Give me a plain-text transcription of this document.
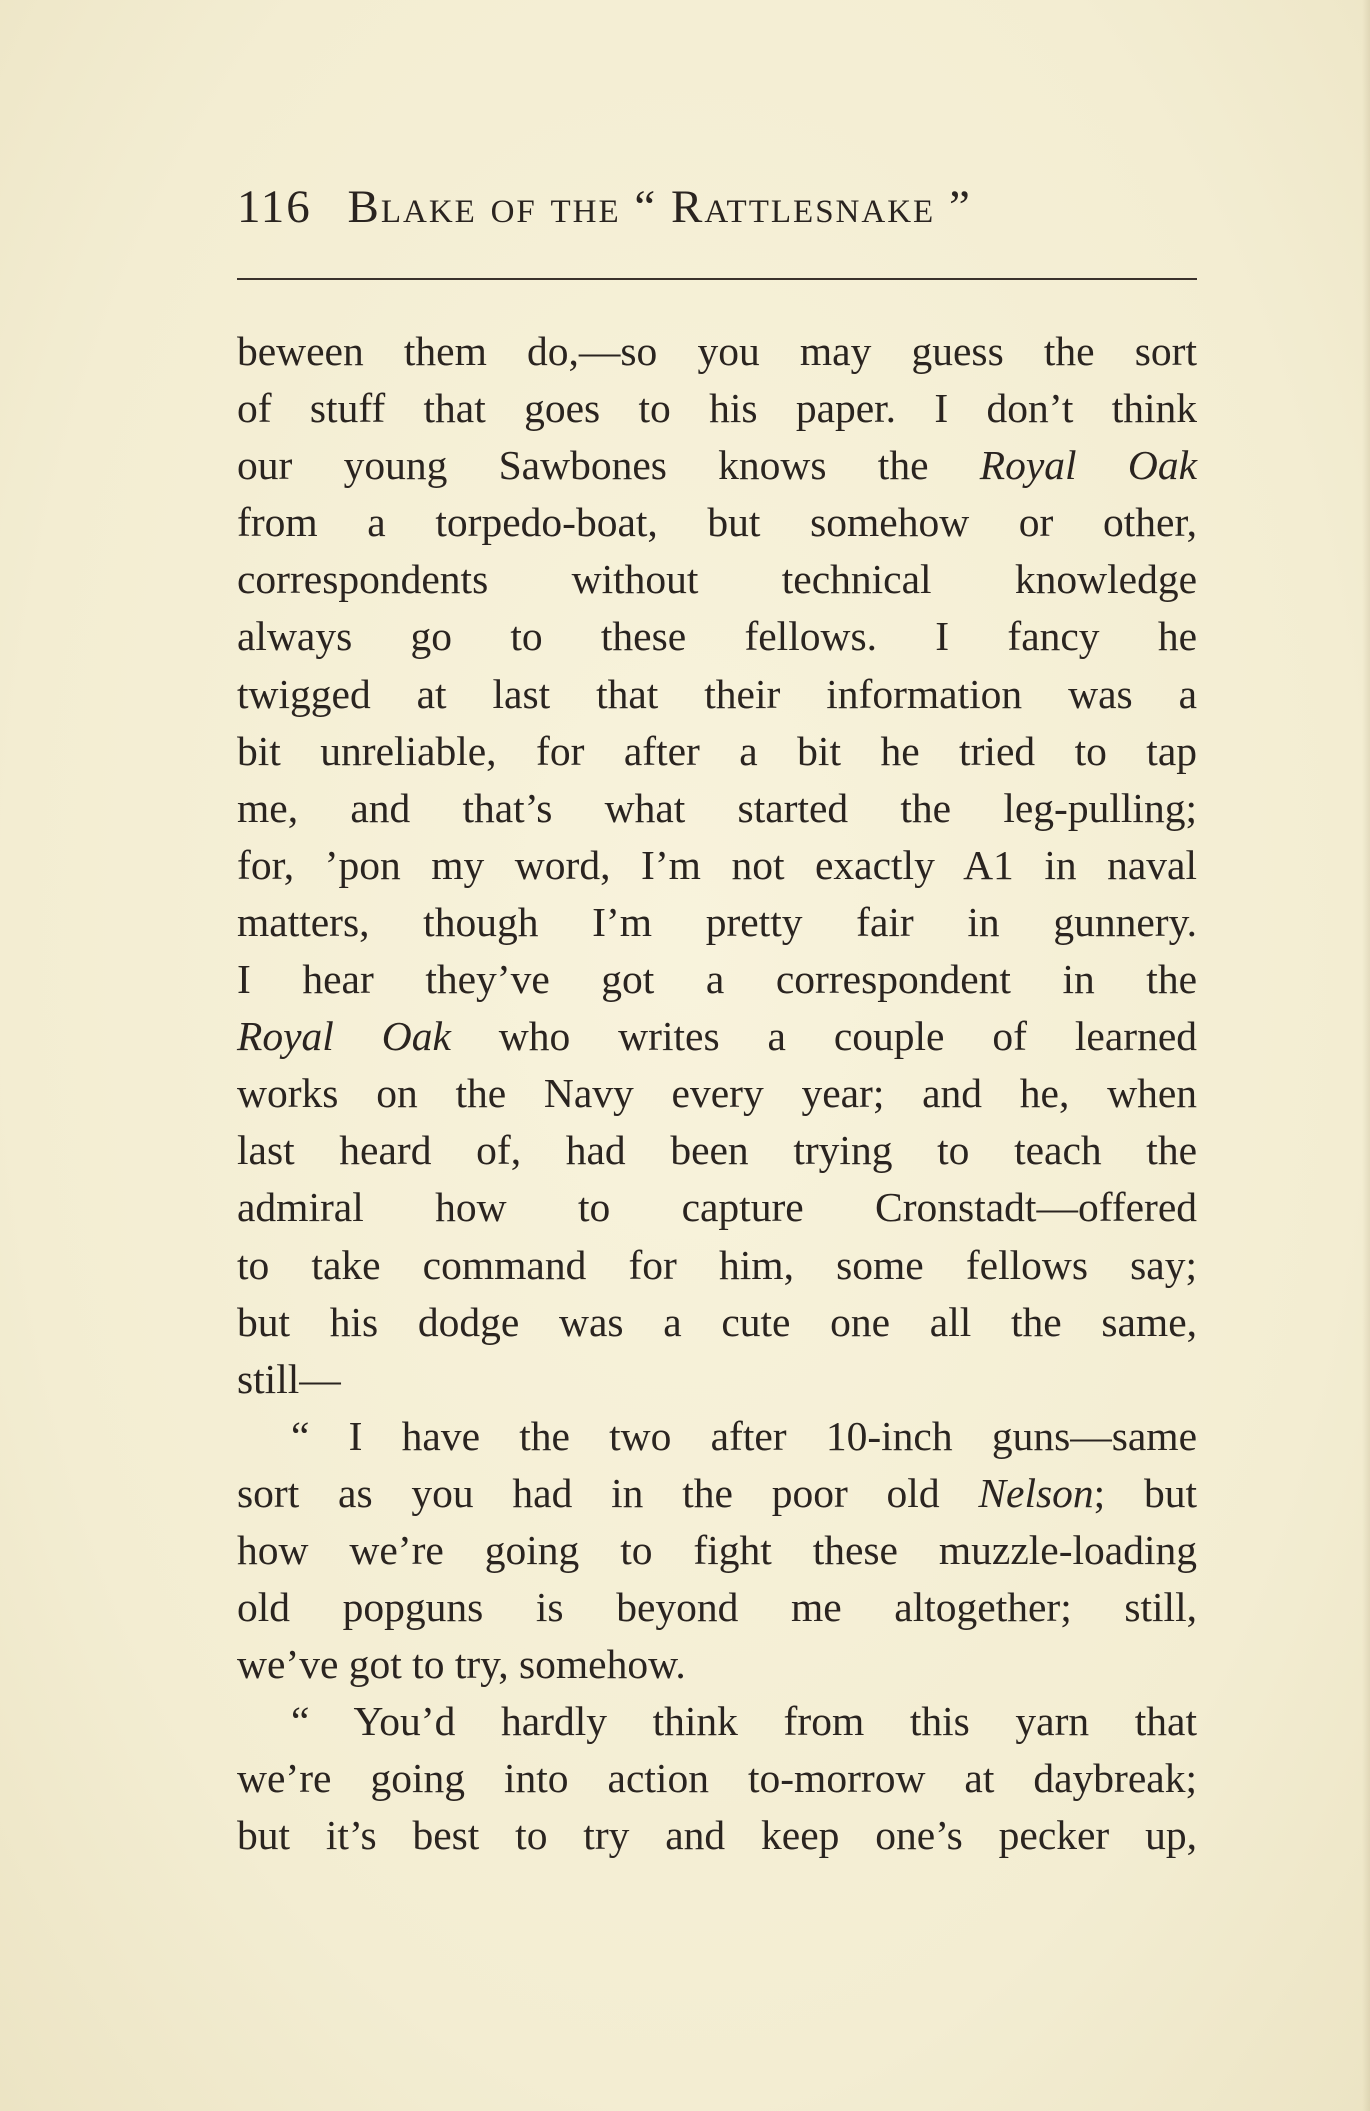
116 Blake of the “ Rattlesnake ”
beween them do,—so you may guess the sort
of stuff that goes to his paper. I don’t think
our young Sawbones knows the Royal Oak
from a torpedo-boat, but somehow or other,
correspondents without technical knowledge
always go to these fellows. I fancy he
twigged at last that their information was a
bit unreliable, for after a bit he tried to tap
me, and that’s what started the leg-pulling;
for, ’pon my word, I’m not exactly A1 in naval
matters, though I’m pretty fair in gunnery.
I hear they’ve got a correspondent in the
Royal Oak who writes a couple of learned
works on the Navy every year; and he, when
last heard of, had been trying to teach the
admiral how to capture Cronstadt—offered
to take command for him, some fellows say;
but his dodge was a cute one all the same,
still—
“ I have the two after 10-inch guns—same
sort as you had in the poor old Nelson; but
how we’re going to fight these muzzle-loading
old popguns is beyond me altogether; still,
we’ve got to try, somehow.
“ You’d hardly think from this yarn that
we’re going into action to-morrow at daybreak;
but it’s best to try and keep one’s pecker up,
